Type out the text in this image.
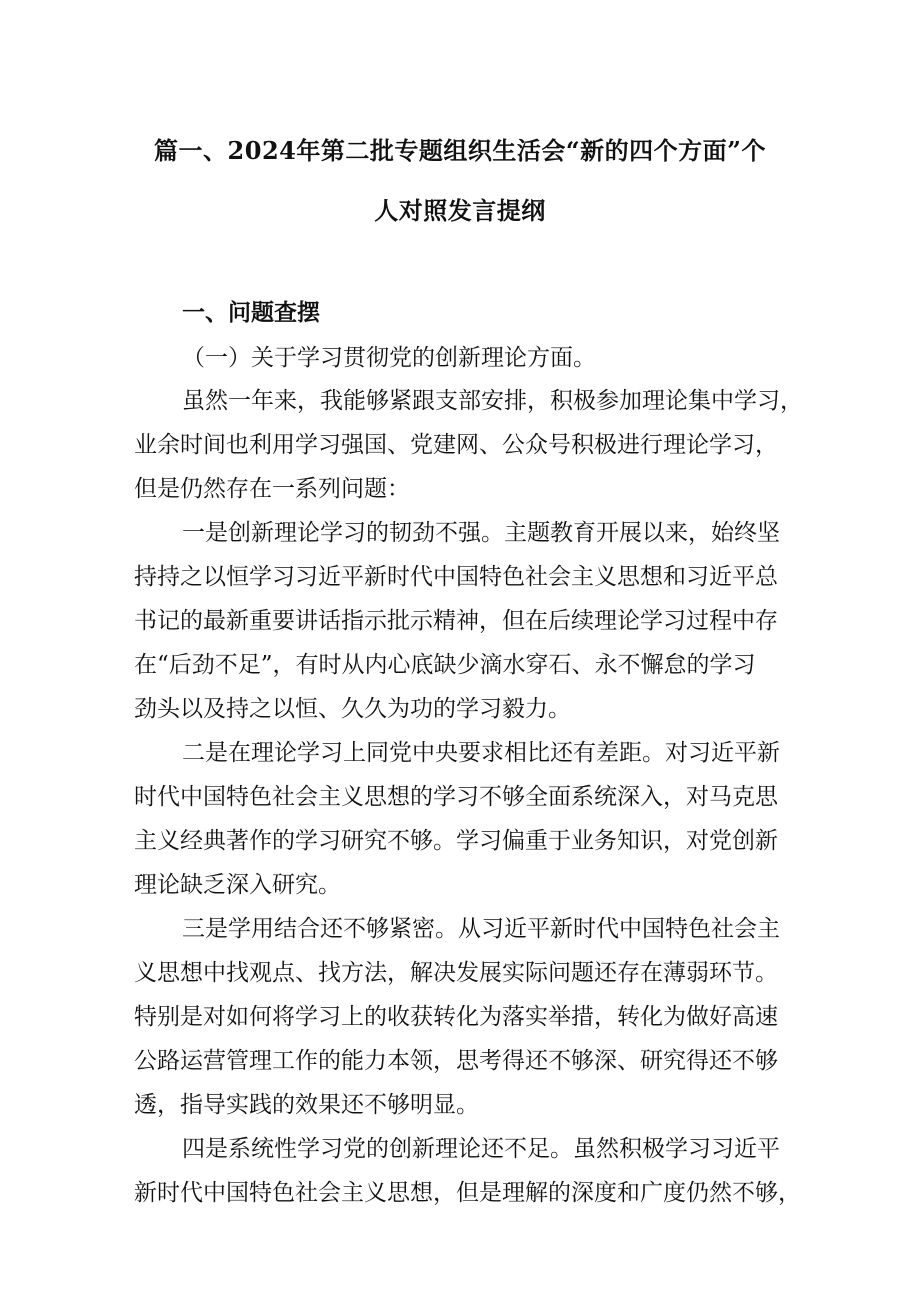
篇一、2024年第二批专题组织生活会“新的四个方面”个
人对照发言提纲
一、问题查摆
（一）关于学习贯彻党的创新理论方面。
虽然一年来，我能够紧跟支部安排，积极参加理论集中学习，
业余时间也利用学习强国、党建网、公众号积极进行理论学习，
但是仍然存在一系列问题：
一是创新理论学习的韧劲不强。主题教育开展以来，始终坚
持持之以恒学习习近平新时代中国特色社会主义思想和习近平总
书记的最新重要讲话指示批示精神，但在后续理论学习过程中存
在“后劲不足”，有时从内心底缺少滴水穿石、永不懈怠的学习
劲头以及持之以恒、久久为功的学习毅力。
二是在理论学习上同党中央要求相比还有差距。对习近平新
时代中国特色社会主义思想的学习不够全面系统深入，对马克思
主义经典著作的学习研究不够。学习偏重于业务知识，对党创新
理论缺乏深入研究。
三是学用结合还不够紧密。从习近平新时代中国特色社会主
义思想中找观点、找方法，解决发展实际问题还存在薄弱环节。
特别是对如何将学习上的收获转化为落实举措，转化为做好高速
公路运营管理工作的能力本领，思考得还不够深、研究得还不够
透，指导实践的效果还不够明显。
四是系统性学习党的创新理论还不足。虽然积极学习习近平
新时代中国特色社会主义思想，但是理解的深度和广度仍然不够，
